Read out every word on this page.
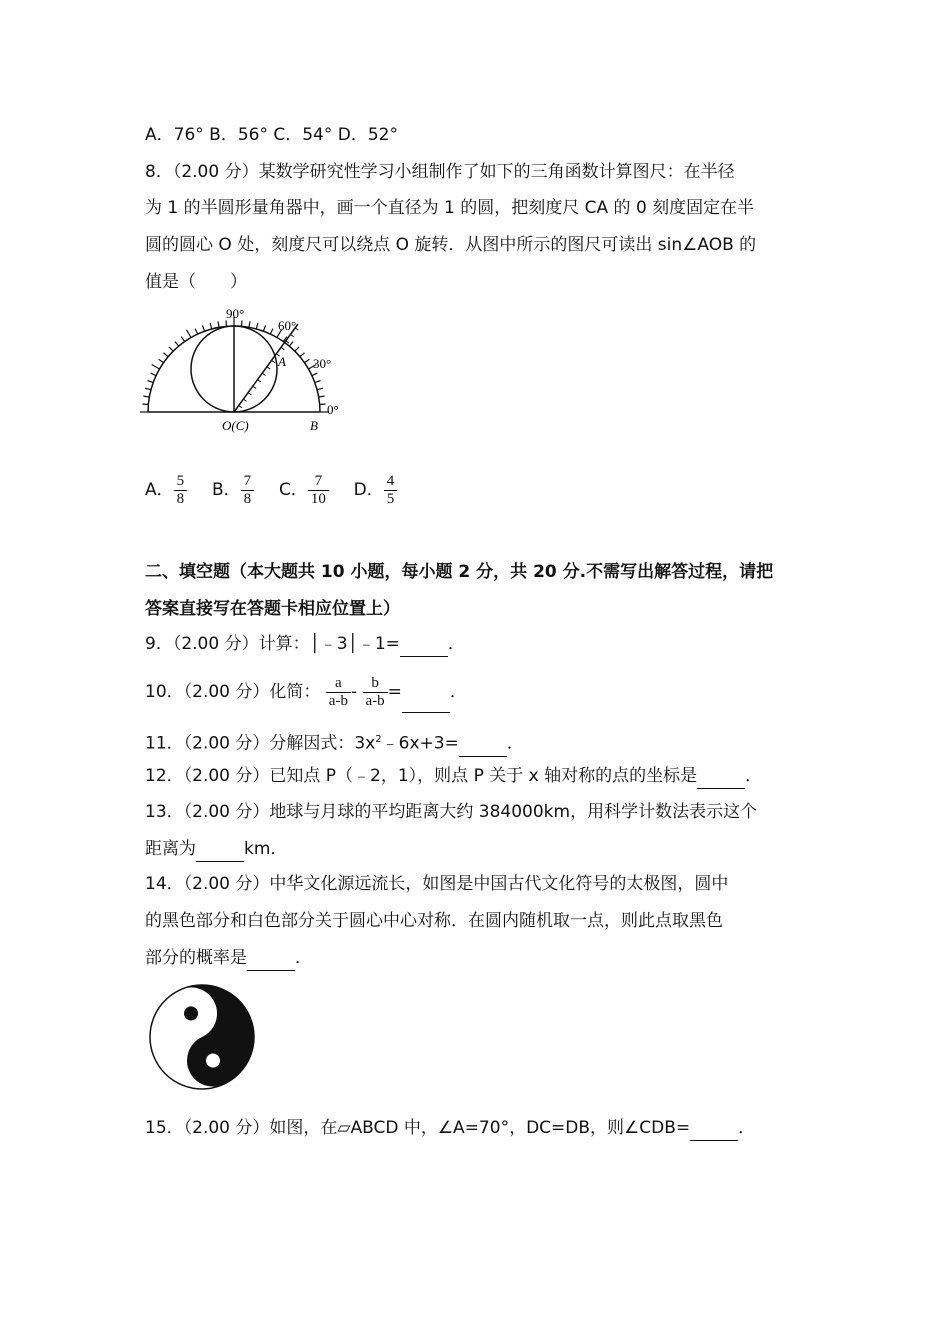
A．76° B．56° C．54° D．52°
8．（2.00 分）某数学研究性学习小组制作了如下的三角函数计算图尺：在半径
为 1 的半圆形量角器中，画一个直径为 1 的圆，把刻度尺 CA 的 0 刻度固定在半
圆的圆心 O 处，刻度尺可以绕点 O 旋转．从图中所示的图尺可读出 sin∠AOB 的
值是（　　）
90°
60°
A 30°
0°
O(C)	B
A． $\frac{5}{8}$ B． $\frac{7}{8}$ C． $\frac{7}{10}$ D． $\frac{4}{5}$
二、填空题（本大题共 10 小题，每小题 2 分，共 20 分.不需写出解答过程，请把
答案直接写在答题卡相应位置上）
9．（2.00 分）计算：│﹣3│﹣1=	．
10．（2.00 分）化简： $\frac{a}{a-b} - \frac{b}{a-b}$ =	．
11．（2.00 分）分解因式：$3x^2﹣6x+3=$	．
12．（2.00 分）已知点 P（﹣2，1），则点 P 关于 x 轴对称的点的坐标是	．
13．（2.00 分）地球与月球的平均距离大约 384000km，用科学计数法表示这个
距离为	km．
14．（2.00 分）中华文化源远流长，如图是中国古代文化符号的太极图，圆中
的黑色部分和白色部分关于圆心中心对称．在圆内随机取一点，则此点取黑色
部分的概率是	．
15．（2.00 分）如图，在▱ABCD 中，∠A=70°，DC=DB，则∠CDB=	．
